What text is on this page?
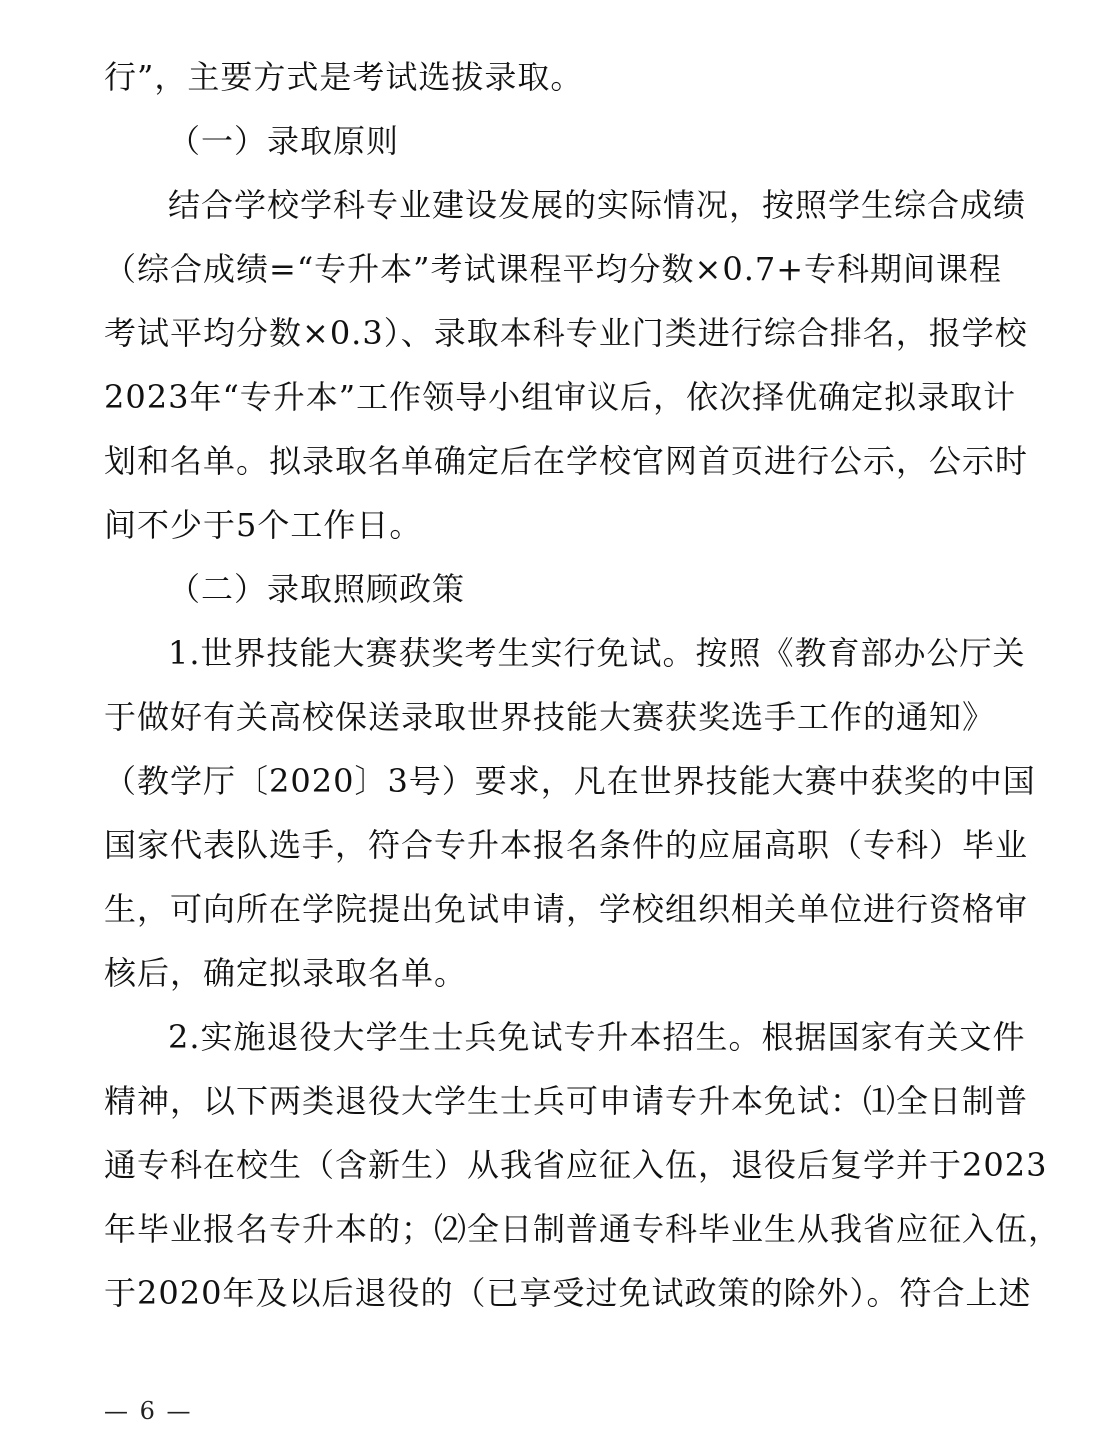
行”，主要方式是考试选拔录取。
（一）录取原则
结合学校学科专业建设发展的实际情况，按照学生综合成绩
（综合成绩=“专升本”考试课程平均分数×0.7+专科期间课程
考试平均分数×0.3）、录取本科专业门类进行综合排名，报学校
2023年“专升本”工作领导小组审议后，依次择优确定拟录取计
划和名单。拟录取名单确定后在学校官网首页进行公示，公示时
间不少于5个工作日。
（二）录取照顾政策
1.世界技能大赛获奖考生实行免试。按照《教育部办公厅关
于做好有关高校保送录取世界技能大赛获奖选手工作的通知》
（教学厅〔2020〕3号）要求，凡在世界技能大赛中获奖的中国
国家代表队选手，符合专升本报名条件的应届高职（专科）毕业
生，可向所在学院提出免试申请，学校组织相关单位进行资格审
核后，确定拟录取名单。
2.实施退役大学生士兵免试专升本招生。根据国家有关文件
精神，以下两类退役大学生士兵可申请专升本免试：⑴全日制普
通专科在校生（含新生）从我省应征入伍，退役后复学并于2023
年毕业报名专升本的；⑵全日制普通专科毕业生从我省应征入伍，
于2020年及以后退役的（已享受过免试政策的除外）。符合上述
— 6 —
